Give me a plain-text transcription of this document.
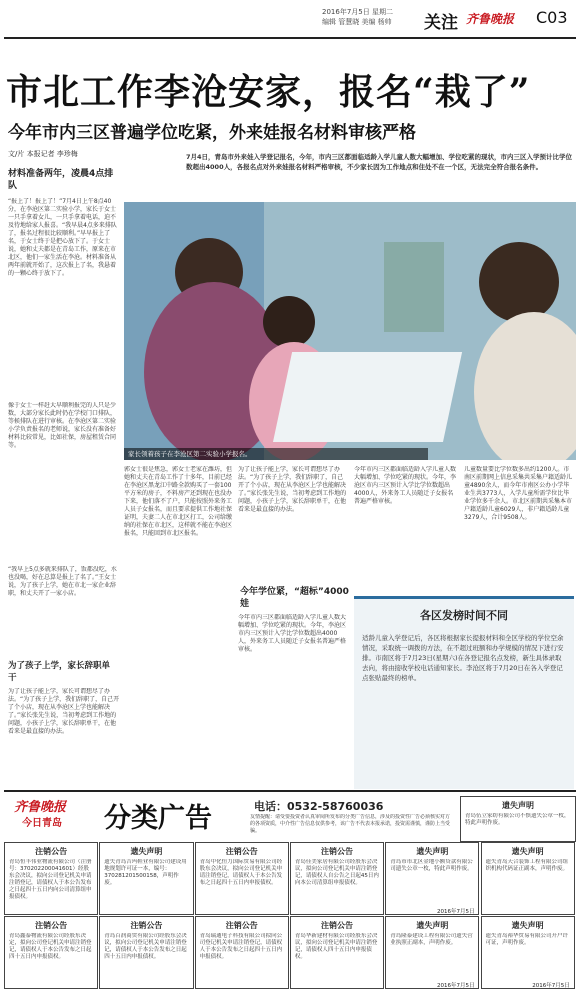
2016年7月5日 星期二
编辑 管慧晓 美编 杨帅 关注 齐鲁晚报 C03
市北工作李沧安家，报名“栽了”
今年市内三区普遍学位吃紧，外来娃报名材料审核严格
文/片 本报记者 李珍梅	7月4日，青岛市外来娃入学登记报名，今年，市内三区都面临适龄入学儿童人数大幅增加、学位吃紧的现状，市内三区入学预计比学位数超出4000人，各报名点对外来娃报名材料严格审核，不少家长因为工作地点和住处不在一个区，无法完全符合报名条件。
材料准备两年，凌晨4点排队
“报上了！报上了！”7月4日上午8点40分，在李沧区第二实验小学，家长于女士一只手拿着女儿，一只手拿着电话，迫不及待地给家人报喜。“我早晨4点多来排队了，报名过程很比较顺利。”早早报上了名，于女士终于是把心放下了。于女士说，她和丈夫都是在青岛工作，原来在市北区，他们一家生活在李沧。材料准备从两年前就开始了，这次报上了名，我悬着的一颗心终于放下了。
像于女士一样赶大早顺利报完的人只是少数，大部分家长此时仍在学校门口排队，等候排队在进行审核。在李沧区第二实验小学负责报名的老师说，家长没有准备好材料比较常见，比如社保，房屋租赁合同等。
“我早上5点多就来排队了，饭都没吃，水也没喝，好在总算是报上了名了。”王女士说，为了孩子上学，她在市北一家企业辞职，和丈夫开了一家小店。
为了孩子上学，家长辞职单干
为了让孩子能上学，家长可谓想尽了办法。“为了孩子上学，我们辞职了，自己开了个小店，现在从李沧区上学也能解决了。”家长张先生说，当初考虑到工作地的问题，小孩子上学，家长辞职单干，在他看来是最直接的办法。
家长领着孩子在李沧区第二实验小学报名。
郭女士很是焦急，郭女士老家在潍坊，但她和丈夫在青岛工作了十多年，目前已经在李沧区黑龙江中路全款购买了一套100平方米的房子，不料房产还到现在也没办下来，他们落不了户，只能按照外来务工人员子女报名，而且要求提供工作地社保证明，夫妻二人在市北区打工，公司给缴纳的社保在市北区，这样就不能在李沧区报名，只能回到市北区报名。
为了让孩子能上学，家长可谓想尽了办法。“为了孩子上学，我们辞职了，自己开了个小店，现在从李沧区上学也能解决了。”家长张先生说，当初考虑到工作地的问题，小孩子上学，家长辞职单干，在他看来是最直接的办法。
今年学位紧，“超标”4000娃
今年市内三区都面临适龄入学儿童人数大幅增加、学位吃紧的现状。今年，李沧区市内三区预计入学比学位数超出4000人，外来务工人员随迁子女报名普遍严格审核。
今年市内三区都面临适龄入学儿童人数大幅增加、学位吃紧的现状。今年，李沧区市内三区预计入学比学位数超出4000人，外来务工人员随迁子女报名普遍严格审核。
儿童数量要比学位数多出约1200人。市南区前期网上信息采集共采集户籍适龄儿童4890余人，而今年市南区公办小学毕业生共3773人，入学儿童所需学位比毕业学位多千余人。市北区前期共采集本市户籍适龄儿童6029人，非户籍适龄儿童3279人，合计9508人。
各区发榜时间不同
适龄儿童入学登记后，各区将根据家长提报材料和全区学校的学位空余情况，采取统一调拨的方法，在不超过班额和办学规模的情况下进行安排。市南区将于7月23日(星期六)在各登记报名点发榜，新生具体录取去向，将由接收学校电话通知家长。李沧区将于7月20日在各入学登记点张贴最终的榜单。
齐鲁晚报
今日青岛 分类广告	电话：0532-58760036
友情提醒：请受要投资者认真审阅所发布的分类广告信息，涉及的投资性广告必须核实对方的各项资质，中介性广告信息仅供参考，该广告不代表本报承诺，投资需谨慎，谨防上当受骗。
遗失声明
青岛伍立家纺有限公司不慎遗失公章一枚，特此声明作废。
注销公告
青岛恒丰伟业物流有限公司（注册号：370202200041601）经股东会决议，拟向公司登记机关申请注销登记，请债权人于本公告发布之日起四十五日内向公司清算组申报债权。
遗失声明
遗失青岛吉玛鞋业有限公司建设用地规划许可证一本，编号：370281201500158，声明作废。
注销公告
青岛中化恒力国际贸易有限公司经股东会决议，拟向公司登记机关申请注销登记，请债权人于本公告发布之日起四十五日内申报债权。
注销公告
青岛佳美家居有限公司经股东会决议，拟向公司登记机关申请注销登记，请债权人自公告之日起45日内向本公司清算组申报债权。
遗失声明
青岛市市北区金地小额贷款有限公司遗失公章一枚，特此声明作废。
2016年7月5日
遗失声明
遗失青岛天合装饰工程有限公司组织机构代码证正副本，声明作废。
注销公告
青岛鑫泰物流有限公司经股东决定，拟向公司登记机关申请注销登记，请债权人于本公告发布之日起四十五日内申报债权。
注销公告
青岛百润商贸有限公司经股东会决议，拟向公司登记机关申请注销登记，请债权人于本公告发布之日起四十五日内申报债权。
注销公告
青岛瑞通电子科技有限公司拟向公司登记机关申请注销登记，请债权人于本公告发布之日起四十五日内申报债权。
注销公告
青岛华新建材有限公司经股东会决议，拟向公司登记机关申请注销登记，请债权人四十五日内申报债权。
遗失声明
青岛隆泰建设工程有限公司遗失营业执照正副本，声明作废。
2016年7月5日
遗失声明
遗失青岛裕华贸易有限公司开户许可证，声明作废。
2016年7月5日
